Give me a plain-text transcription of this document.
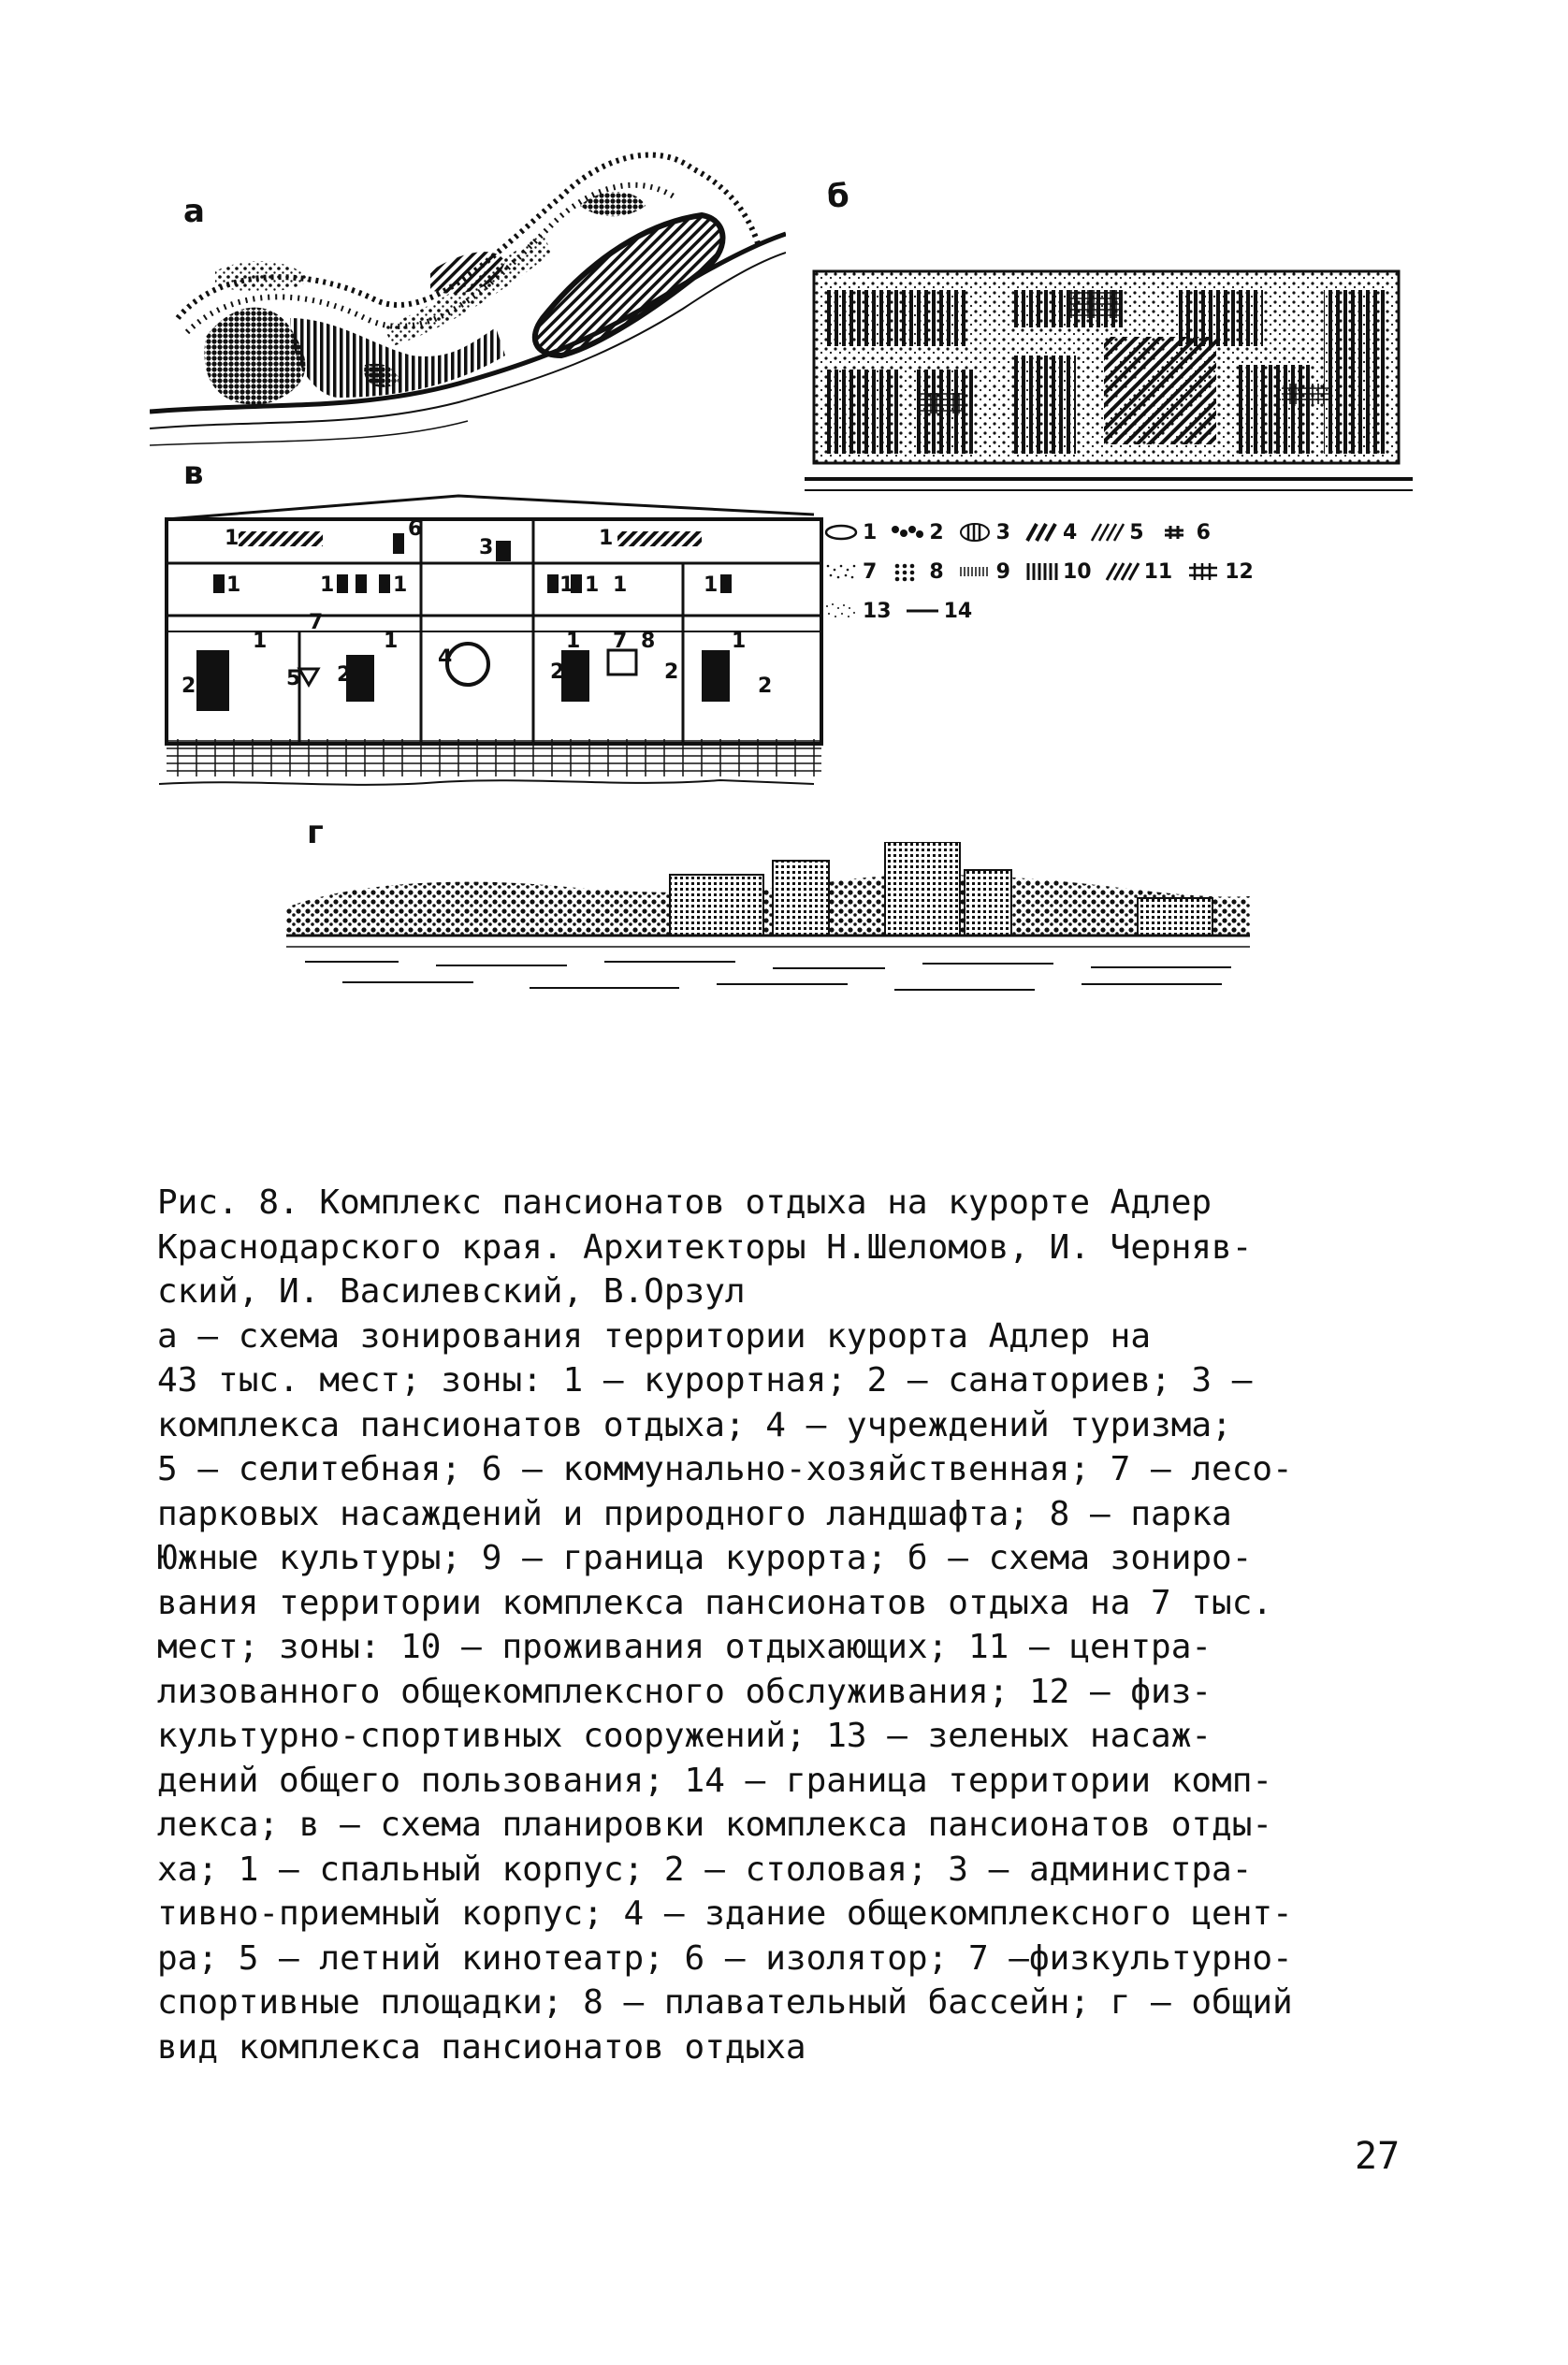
а	б
в
1	6	1
1	1	1
3
1 1 1	1
1
7
1	1
2	2
5
4
7 8
2	2
1
2
1	2	3	4	5	6
7	8	9	10	11	12
13	14
г

Рис. 8. Комплекс пансионатов отдыха на курорте Адлер

Краснодарского края. Архитекторы Н.Шеломов, И. Черняв-

ский, И. Василевский, В.Орзул

а – схема зонирования территории курорта Адлер на

43 тыс. мест; зоны: 1 – курортная; 2 – санаториев; 3 –

комплекса пансионатов отдыха; 4 – учреждений туризма;

5 – селитебная; 6 – коммунально-хозяйственная; 7 – лесо-

парковых насаждений и природного ландшафта; 8 – парка

Южные культуры; 9 – граница курорта; б – схема зониро-

вания территории комплекса пансионатов отдыха на 7 тыс.

мест; зоны: 10 – проживания отдыхающих; 11 – центра-

лизованного общекомплексного обслуживания; 12 – физ-

культурно-спортивных сооружений; 13 – зеленых насаж-

дений общего пользования; 14 – граница территории комп-

лекса; в – схема планировки комплекса пансионатов отды-

ха; 1 – спальный корпус; 2 – столовая; 3 – администра-

тивно-приемный корпус; 4 – здание общекомплексного цент-

ра; 5 – летний кинотеатр; 6 – изолятор; 7 –физкультурно-

спортивные площадки; 8 – плавательный бассейн; г – общий

вид комплекса пансионатов отдыха

27
